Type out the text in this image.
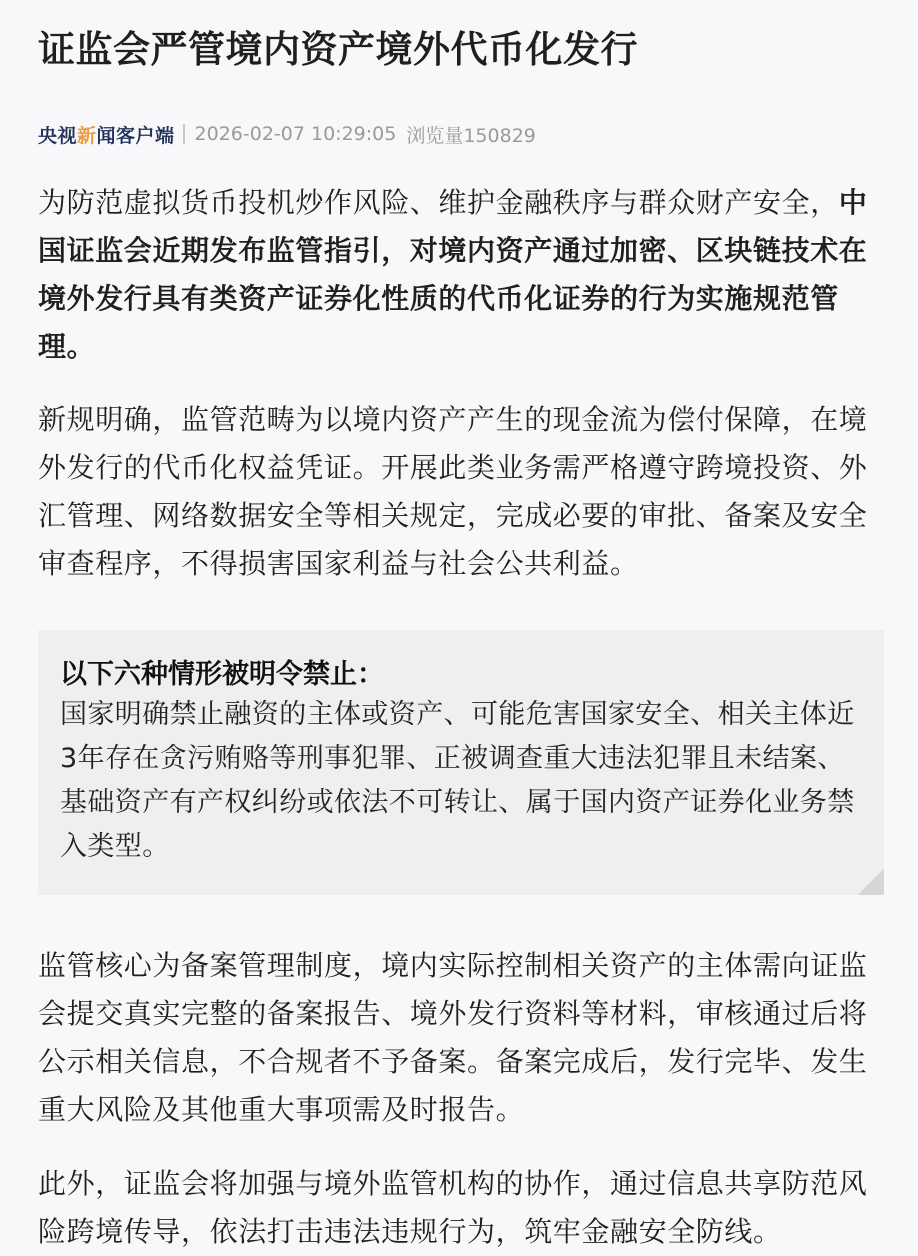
证监会严管境内资产境外代币化发行
央视新闻客户端 2026-02-07 10:29:05 浏览量150829

为防范虚拟货币投机炒作风险、维护金融秩序与群众财产安全，中国证监会近期发布监管指引，对境内资产通过加密、区块链技术在境外发行具有类资产证券化性质的代币化证券的行为实施规范管理。

新规明确，监管范畴为以境内资产产生的现金流为偿付保障，在境外发行的代币化权益凭证。开展此类业务需严格遵守跨境投资、外汇管理、网络数据安全等相关规定，完成必要的审批、备案及安全审查程序，不得损害国家利益与社会公共利益。

以下六种情形被明令禁止：

国家明确禁止融资的主体或资产、可能危害国家安全、相关主体近3年存在贪污贿赂等刑事犯罪、正被调查重大违法犯罪且未结案、基础资产有产权纠纷或依法不可转让、属于国内资产证券化业务禁入类型。

监管核心为备案管理制度，境内实际控制相关资产的主体需向证监会提交真实完整的备案报告、境外发行资料等材料，审核通过后将公示相关信息，不合规者不予备案。备案完成后，发行完毕、发生重大风险及其他重大事项需及时报告。

此外，证监会将加强与境外监管机构的协作，通过信息共享防范风险跨境传导，依法打击违法违规行为，筑牢金融安全防线。
